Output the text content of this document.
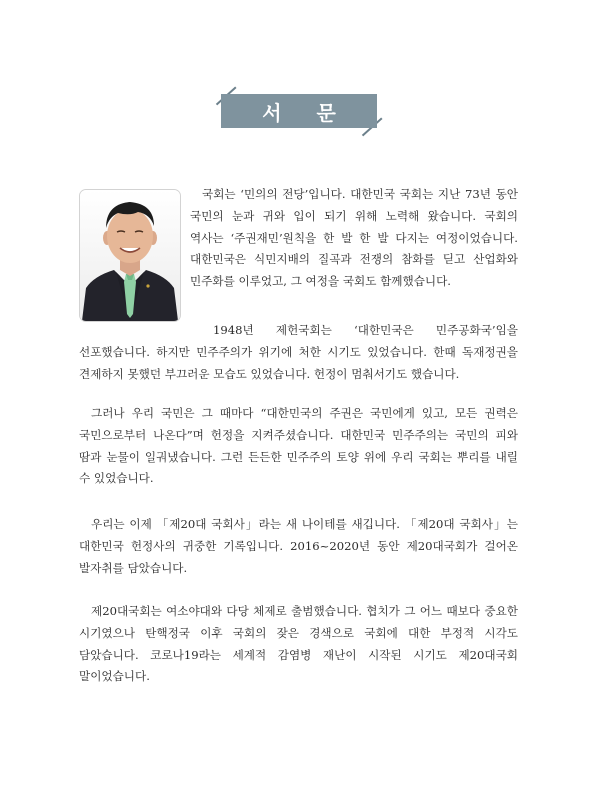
서 문

국회는 ‘민의의 전당’입니다. 대한민국 국회는 지난 73년 동안 국민의 눈과 귀와 입이 되기 위해 노력해 왔습니다. 국회의 역사는 ‘주권재민’원칙을 한 발 한 발 다지는 여정이었습니다. 대한민국은 식민지배의 질곡과 전쟁의 참화를 딛고 산업화와 민주화를 이루었고, 그 여정을 국회도 함께했습니다.

1948년 제헌국회는 ‘대한민국은 민주공화국’임을 선포했습니다. 하지만 민주주의가 위기에 처한 시기도 있었습니다. 한때 독재정권을 견제하지 못했던 부끄러운 모습도 있었습니다. 헌정이 멈춰서기도 했습니다.

그러나 우리 국민은 그 때마다 “대한민국의 주권은 국민에게 있고, 모든 권력은 국민으로부터 나온다”며 헌정을 지켜주셨습니다. 대한민국 민주주의는 국민의 피와 땀과 눈물이 일궈냈습니다. 그런 든든한 민주주의 토양 위에 우리 국회는 뿌리를 내릴 수 있었습니다.

우리는 이제 「제20대 국회사」라는 새 나이테를 새깁니다. 「제20대 국회사」는 대한민국 헌정사의 귀중한 기록입니다. 2016~2020년 동안 제20대국회가 걸어온 발자취를 담았습니다.

제20대국회는 여소야대와 다당 체제로 출범했습니다. 협치가 그 어느 때보다 중요한 시기였으나 탄핵정국 이후 국회의 잦은 경색으로 국회에 대한 부정적 시각도 담았습니다. 코로나19라는 세계적 감염병 재난이 시작된 시기도 제20대국회 말이었습니다.
